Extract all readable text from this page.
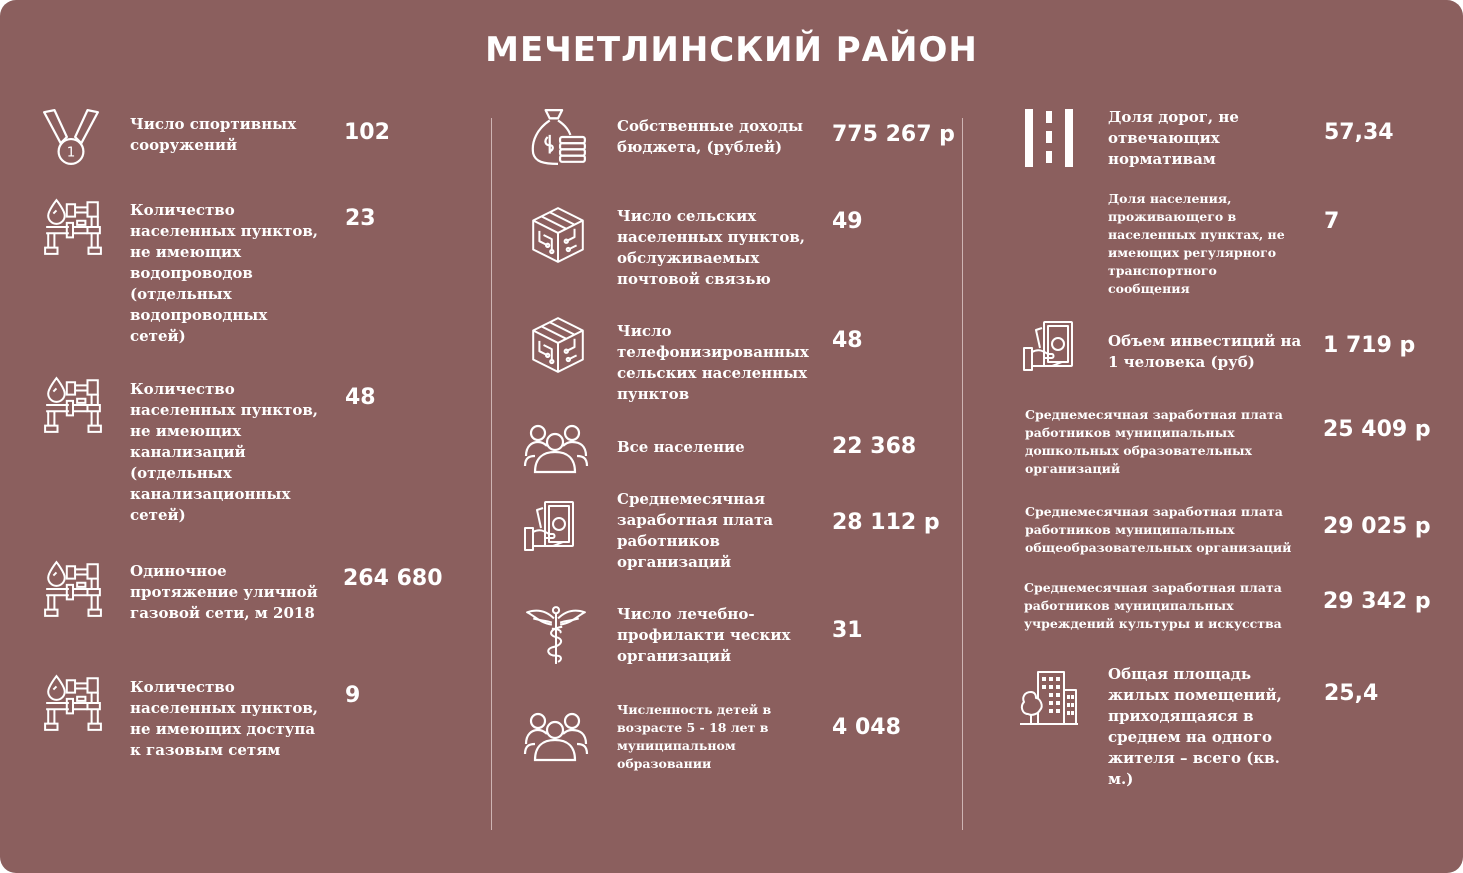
МЕЧЕТЛИНСКИЙ РАЙОН
1
Число спортивных сооружений	102
Количество населенных пунктов, не имеющих водопроводов (отдельных водопроводных сетей)
23
Количество населенных пунктов, не имеющих канализаций (отдельных канализационных сетей)
48
Одиночное протяжение уличной газовой сети, м 2018
264 680
Количество населенных пунктов, не имеющих доступа к газовым сетям
9
Собственные доходы бюджета, (рублей)	775 267 р
Число сельских населенных пунктов, обслуживаемых почтовой связью
49
Число телефонизированных сельских населенных пунктов
48
Все население	22 368
Среднемесячная заработная плата работников организаций
28 112 р
Число лечебно-профилакти ческих организаций
31
Численность детей в возрасте 5 - 18 лет в муниципальном образовании
4 048
Доля дорог, не отвечающих нормативам
57,34
Доля населения, проживающего в населенных пунктах, не имеющих регулярного транспортного сообщения
7
Объем инвестиций на 1 человека (руб)
1 719 р
Среднемесячная заработная плата работников муниципальных дошкольных образовательных организаций
25 409 р
Среднемесячная заработная плата работников муниципальных общеобразовательных организаций
29 025 р
Среднемесячная заработная плата работников муниципальных учреждений культуры и искусства
29 342 р
Общая площадь жилых помещений, приходящаяся в среднем на одного жителя – всего (кв. м.)
25,4
